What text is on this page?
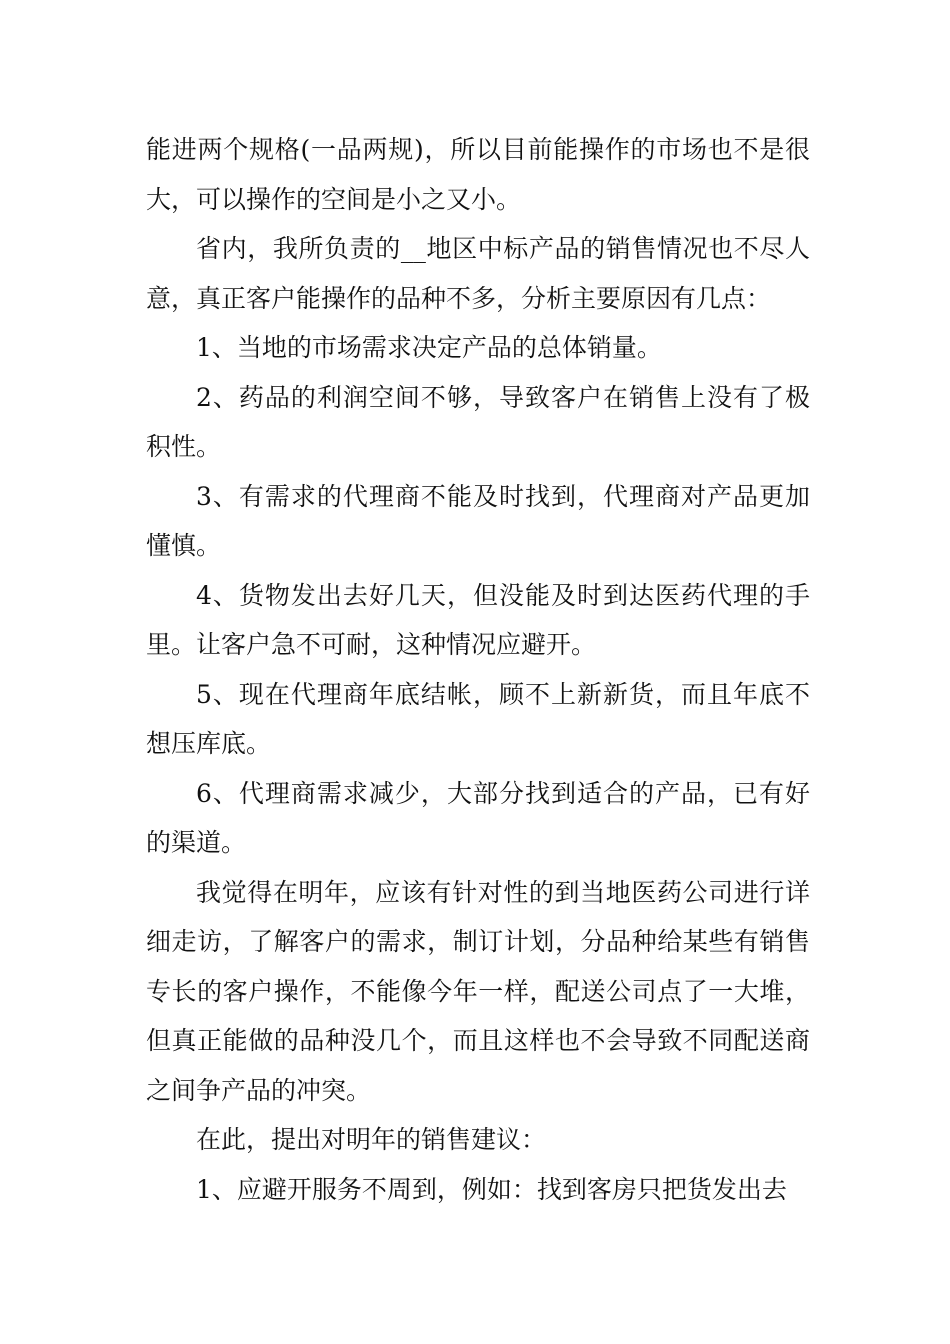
能进两个规格(一品两规)，所以目前能操作的市场也不是很大，可以操作的空间是小之又小。

省内，我所负责的__地区中标产品的销售情况也不尽人意，真正客户能操作的品种不多，分析主要原因有几点：

1、当地的市场需求决定产品的总体销量。

2、药品的利润空间不够，导致客户在销售上没有了极积性。

3、有需求的代理商不能及时找到，代理商对产品更加懂慎。

4、货物发出去好几天，但没能及时到达医药代理的手里。让客户急不可耐，这种情况应避开。

5、现在代理商年底结帐，顾不上新新货，而且年底不想压库底。

6、代理商需求减少，大部分找到适合的产品，已有好的渠道。

我觉得在明年，应该有针对性的到当地医药公司进行详细走访，了解客户的需求，制订计划，分品种给某些有销售专长的客户操作，不能像今年一样，配送公司点了一大堆，但真正能做的品种没几个，而且这样也不会导致不同配送商之间争产品的冲突。

在此，提出对明年的销售建议：

1、应避开服务不周到，例如：找到客房只把货发出去
